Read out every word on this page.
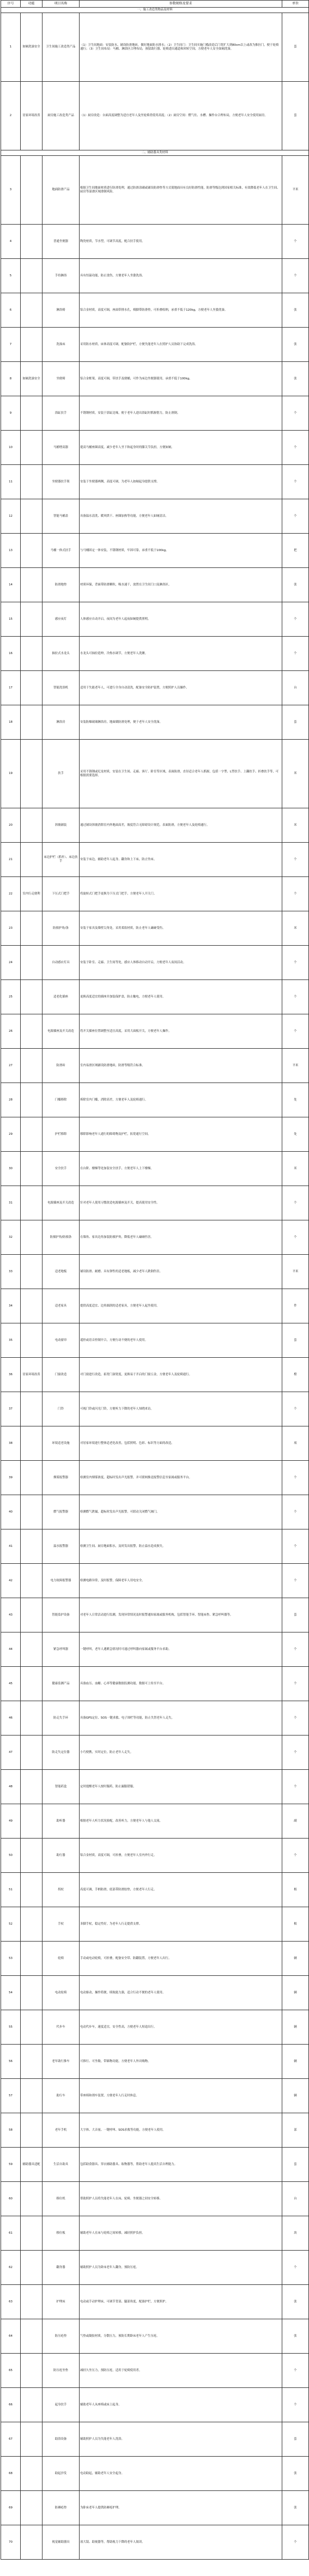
序号	功能	项目名称	参数规格及要求	单位
一、施工改造类物品及材料				
1	如厕洗澡安全	卫生间施工改造类产品	（1）卫生间地面：安装防水、铺设防滑地砖，做好地面防水排水；（2）卫生间门：卫生间实施门槛改造后门宽扩大到80cm以上或改为推拉门，便于轮椅通行；（3）卫生间布局：马桶、淋浴区合理布局，预留助行器、轮椅进出通道和回转空间，方便老年人安全如厕洗澡。	套
2	居家环境改善	厨房施工改造类产品	（1）厨房改造：台面高度调整为适宜老年人及坐轮椅者使用高度；（2）厨房空间：燃气灶、水槽、操作台合理布局，方便老年人安全使用厨房。	套
二、辅助器具类材料				
3		地面防滑产品	根据卫生间地面材质进行防滑处理，通过防滑涂刷或铺设防滑垫等方式使地面具有良好防滑性能，防滑等级达到国家相关标准，有效降低老年人在卫生间、厨房等湿滑区域滑倒风险。	平米
4		普通坐便器	陶瓷材质，节水型，可调节高度，配合扶手使用。	个
5		手持淋浴	具有恒温功能，防止烫伤，方便老年人坐姿洗浴。	个
6		淋浴椅	铝合金材质，高度可调，座面带排水孔，椅脚带防滑垫，可折叠收纳，承重不低于120kg，方便老年人坐姿洗澡。	张
7		洗澡床	采用防水材质，床体高度可调，配备防护栏，方便失能老年人在照护人员协助下完成洗浴。	张
8	如厕洗澡安全	坐便椅	铝合金框架，高度可调，带扶手及便桶，可作为床边坐便器使用，承重不低于100kg。	张
9		浴缸扶手	不锈钢材质，安装于浴缸边缘，便于老年人进出浴缸时抓握借力，防止滑倒。	个
10		马桶增高器	提高马桶座圈高度，减少老年人坐下和起身时的膝关节负担，方便如厕。	个
11		坐便器扶手架	安装于坐便器两侧，高度可调，为老年人如厕起身提供支撑。	个
12		智能马桶盖	具备温水清洗、暖风烘干、座圈加热等功能，方便老年人如厕清洁。	个
13		马桶一体式扶手	与马桶固定一体安装，不锈钢材质，牢固可靠，承重不低于100kg。	把
14		防滑地垫	材质环保，背面带防滑颗粒，吸水速干，放置在卫生间门口及淋浴区。	张
15		感应夜灯	人体感应自动开启，夜间为老年人起夜如厕提供照明。	个
16		抽拉式水龙头	水龙头可抽拉延伸，冷热水调节，方便老年人洗漱。	个
17		智能洗浴机	适用于失能老年人，可进行全身自动清洗，配备安全防护装置，方便照护人员操作。	台
18		淋浴房	安装防爆玻璃淋浴房，地面做防滑处理，便于老年人安全洗澡。	套
19		扶手	采用不锈钢或尼龙材质，安装在卫生间、走廊、客厅、卧室等区域，表面防滑，直径适合老年人抓握，包括一字型、L型扶手、上翻扶手、折叠扶手等，可根据需要选择。	米
20		斜坡铺装	通过铺设斜坡消除室内外地面高差，坡度符合无障碍设计规范，表面防滑，方便老年人及轮椅通行。	米
21		床边护栏（抓杆）、床边扶手	安装于床边，辅助老年人起身、翻身和上下床，防止坠床。	个
22	室内行走便利	下压式门把手	将旋转式门把手更换为下压式门把手，方便老年人开关门。	个
23		防撞护角/条	安装于家具及墙壁尖角处，采用柔软材质，防止老年人磕碰受伤。	米
24		自动感应灯具	安装于卧室、走廊、卫生间等处，感应人体移动自动开启，方便老年人夜间活动。	个
25		适老化插座	更换高度适宜的插座并加装保护盖，防止触电，方便老年人使用。	个
26		电源插座及开关改造	将开关插座位置调整至适宜高度，采用大面板开关，方便老年人操作。	个
27		防滑砖	室内易滑区域铺设防滑地砖，防滑等级符合标准。	平米
28		门槛移除	拆除室内门槛，消除高差，方便老年人及轮椅通行。	处
29		护栏移除	移除影响老年人通行的障碍物及护栏，拓宽通行空间。	处
30		安全扶手	在台阶、楼梯等处加装安全扶手，方便老年人上下楼梯。	米
31		电源插座及开关改造	针对老年人使用习惯改造电源插座及开关，提高使用安全性。	个
32		防撞护角/防撞条	在墙角、家具边角加装防撞护角，降低老年人磕碰伤害。	个
33		适老地板	铺设防滑、耐磨、具有弹性的适老地板，减少老年人跌倒伤害。	平米
34		适老家具	提供高度适宜、边角圆润的适老家具，方便老年人起坐使用。	件
35		电动窗帘	遥控或语音控制开合，方便行动不便的老年人使用。	套
36	居家环境改善	门窗改造	对门窗进行改造，拓宽门洞宽度，更换易于开启的门窗五金，方便老年人及轮椅通行。	樘
37		门铃	可视门铃或闪光门铃，方便听力下降的老年人知晓来访。	个
38		环境适老设施	对居家环境进行整体适老化改善，包括照明、色彩、标识等方面的改造。	项
39		烟雾报警器	检测室内烟雾浓度，超标时发出声光报警，并可联网推送报警信息至家属或服务平台。	个
40		燃气报警器	检测燃气泄漏，超标时发出声光报警，可联动关闭燃气阀门。	个
41		溢水报警器	检测卫生间、厨房地面积水，及时发出报警，防止溢水造成损失。	个
42		电力故障报警器	检测电路异常，及时报警，保障老年人用电安全。	个
43		智能监护设备	对老年人日常活动进行监测，发现异常情况及时报警通知家属或服务机构，包括智能手环、智能床垫、紧急呼叫器等。	套
44		紧急呼叫器	一键呼叫，老年人遇紧急情况时可通过呼叫器向家属或服务平台求助。	个
45		健康监测产品	具备血压、血糖、心率等健康数据监测功能，数据可上传至平台。	个
46		防走失手环	具备GPS定位、SOS一键求救、电子围栏等功能，防止失智老年人走失。	个
47		防走失定位器	小巧便携，实时定位，防止老年人走失。	个
48		智能药盒	定时提醒老年人按时服药，防止漏服错服。	个
49		助听器	根据老年人听力状况验配，改善听力，方便老年人与他人交流。	副
50		助行器	铝合金材质，高度可调，可折叠，方便老年人室内外行走。	个
51		拐杖	高度可调，手柄防滑，底部带防滑胶垫，方便老年人行走。	根
52		手杖	多脚手杖，稳定性好，为老年人行走提供支撑。	根
53		轮椅	手动或电动轮椅，可折叠，配备安全带、防翻装置，方便老年人出行。	辆
54		电动轮椅	电动驱动，操作简便，续航能力强，适合行动不便的老年人使用。	辆
55		代步车	电动代步车，速度适宜，安全性高，方便老年人短途出行。	辆
56		老年助行推车	可推行、可坐歇，带储物功能，方便老年人外出购物。	辆
57		助行车	带座椅和刹车装置，方便老年人行走时休息。	辆
58		老年手机	大字体、大音量、一键呼叫、SOS求救等功能，方便老年人使用。	部
59	辅助器具适配	生活自助具	包括助食器具、穿衣辅助器具、取物器等，帮助老年人提高生活自理能力。	套
60		移位机	帮助照护人员将失能老年人在床、轮椅、坐便器之间安全转移。	台
61		移位板	辅助老年人在床与轮椅之间转移，减轻照护负担。	块
62		翻身器	辅助照护人员为卧床老年人翻身，预防压疮。	个
63		护理床	电动或手动护理床，可调节背部、腿部角度，配备护栏，方便照护。	张
64		防压疮垫	气垫或凝胶材质，分散压力，预防长期卧床老年人产生压疮。	张
65		防压疮坐垫	减轻久坐压力，预防压疮，适用于轮椅使用者。	个
66		起身扶手	辅助老年人从座椅或床上起身。	个
67		助浴设备	辅助照护人员为失能老年人洗浴。	套
68		助起沙发	电动助起，辅助老年人安全起身。	张
69		防褥疮垫	为卧床老年人提供防褥疮护理。	张
70		视觉辅助器具	放大镜、助视器等，帮助视力下降的老年人阅读。	个
